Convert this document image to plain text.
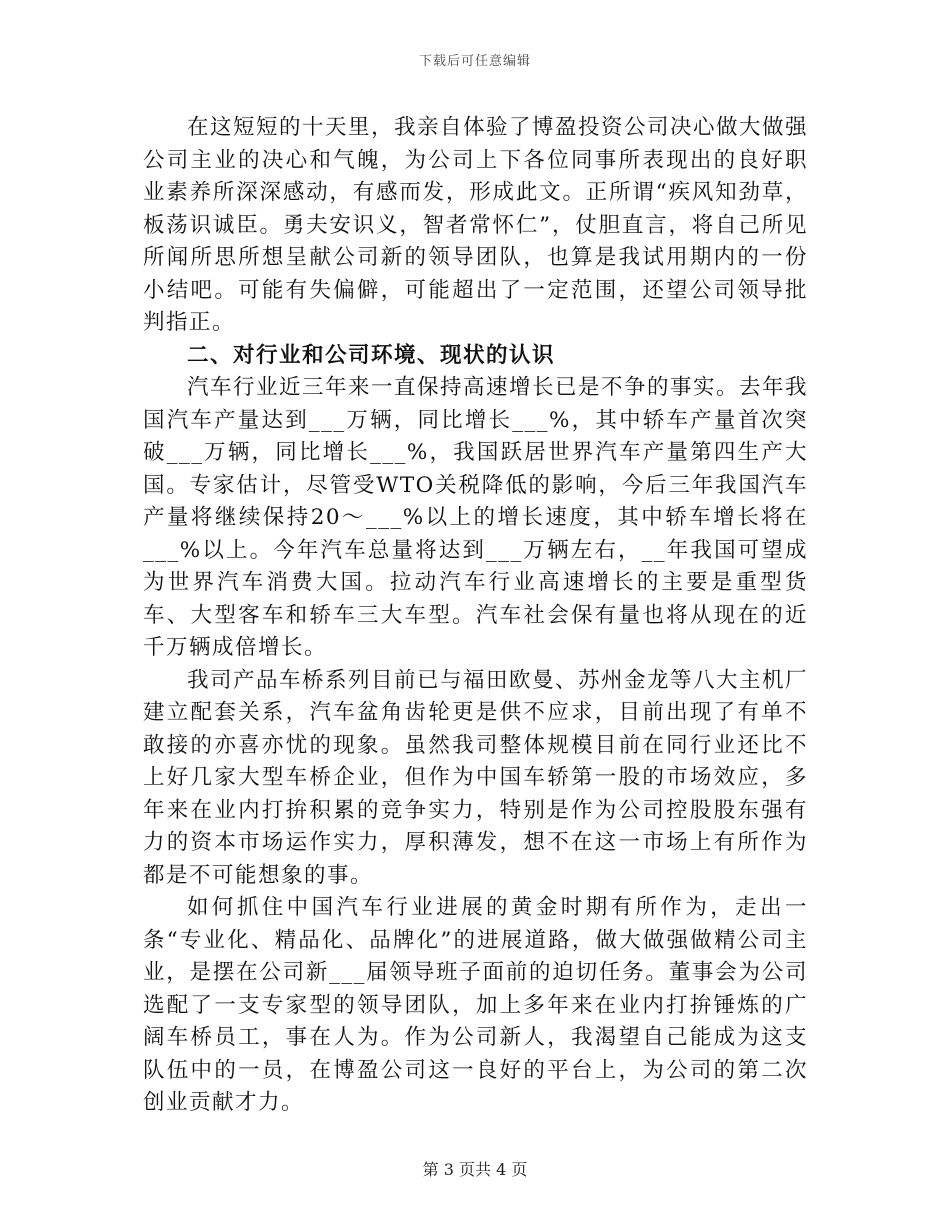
下载后可任意编辑

在这短短的十天里，我亲自体验了博盈投资公司决心做大做强公司主业的决心和气魄，为公司上下各位同事所表现出的良好职业素养所深深感动，有感而发，形成此文。正所谓“疾风知劲草，板荡识诚臣。勇夫安识义，智者常怀仁”，仗胆直言，将自己所见所闻所思所想呈献公司新的领导团队，也算是我试用期内的一份小结吧。可能有失偏僻，可能超出了一定范围，还望公司领导批判指正。

二、对行业和公司环境、现状的认识

汽车行业近三年来一直保持高速增长已是不争的事实。去年我国汽车产量达到___万辆，同比增长___%，其中轿车产量首次突破___万辆，同比增长___%，我国跃居世界汽车产量第四生产大国。专家估计，尽管受WTO关税降低的影响，今后三年我国汽车产量将继续保持20～___%以上的增长速度，其中轿车增长将在___%以上。今年汽车总量将达到___万辆左右，__年我国可望成为世界汽车消费大国。拉动汽车行业高速增长的主要是重型货车、大型客车和轿车三大车型。汽车社会保有量也将从现在的近千万辆成倍增长。

我司产品车桥系列目前已与福田欧曼、苏州金龙等八大主机厂建立配套关系，汽车盆角齿轮更是供不应求，目前出现了有单不敢接的亦喜亦忧的现象。虽然我司整体规模目前在同行业还比不上好几家大型车桥企业，但作为中国车轿第一股的市场效应，多年来在业内打拚积累的竞争实力，特别是作为公司控股股东强有力的资本市场运作实力，厚积薄发，想不在这一市场上有所作为都是不可能想象的事。

如何抓住中国汽车行业进展的黄金时期有所作为，走出一条“专业化、精品化、品牌化”的进展道路，做大做强做精公司主业，是摆在公司新___届领导班子面前的迫切任务。董事会为公司选配了一支专家型的领导团队，加上多年来在业内打拚锤炼的广阔车桥员工，事在人为。作为公司新人，我渴望自己能成为这支队伍中的一员，在博盈公司这一良好的平台上，为公司的第二次创业贡献才力。

第 3 页共 4 页
